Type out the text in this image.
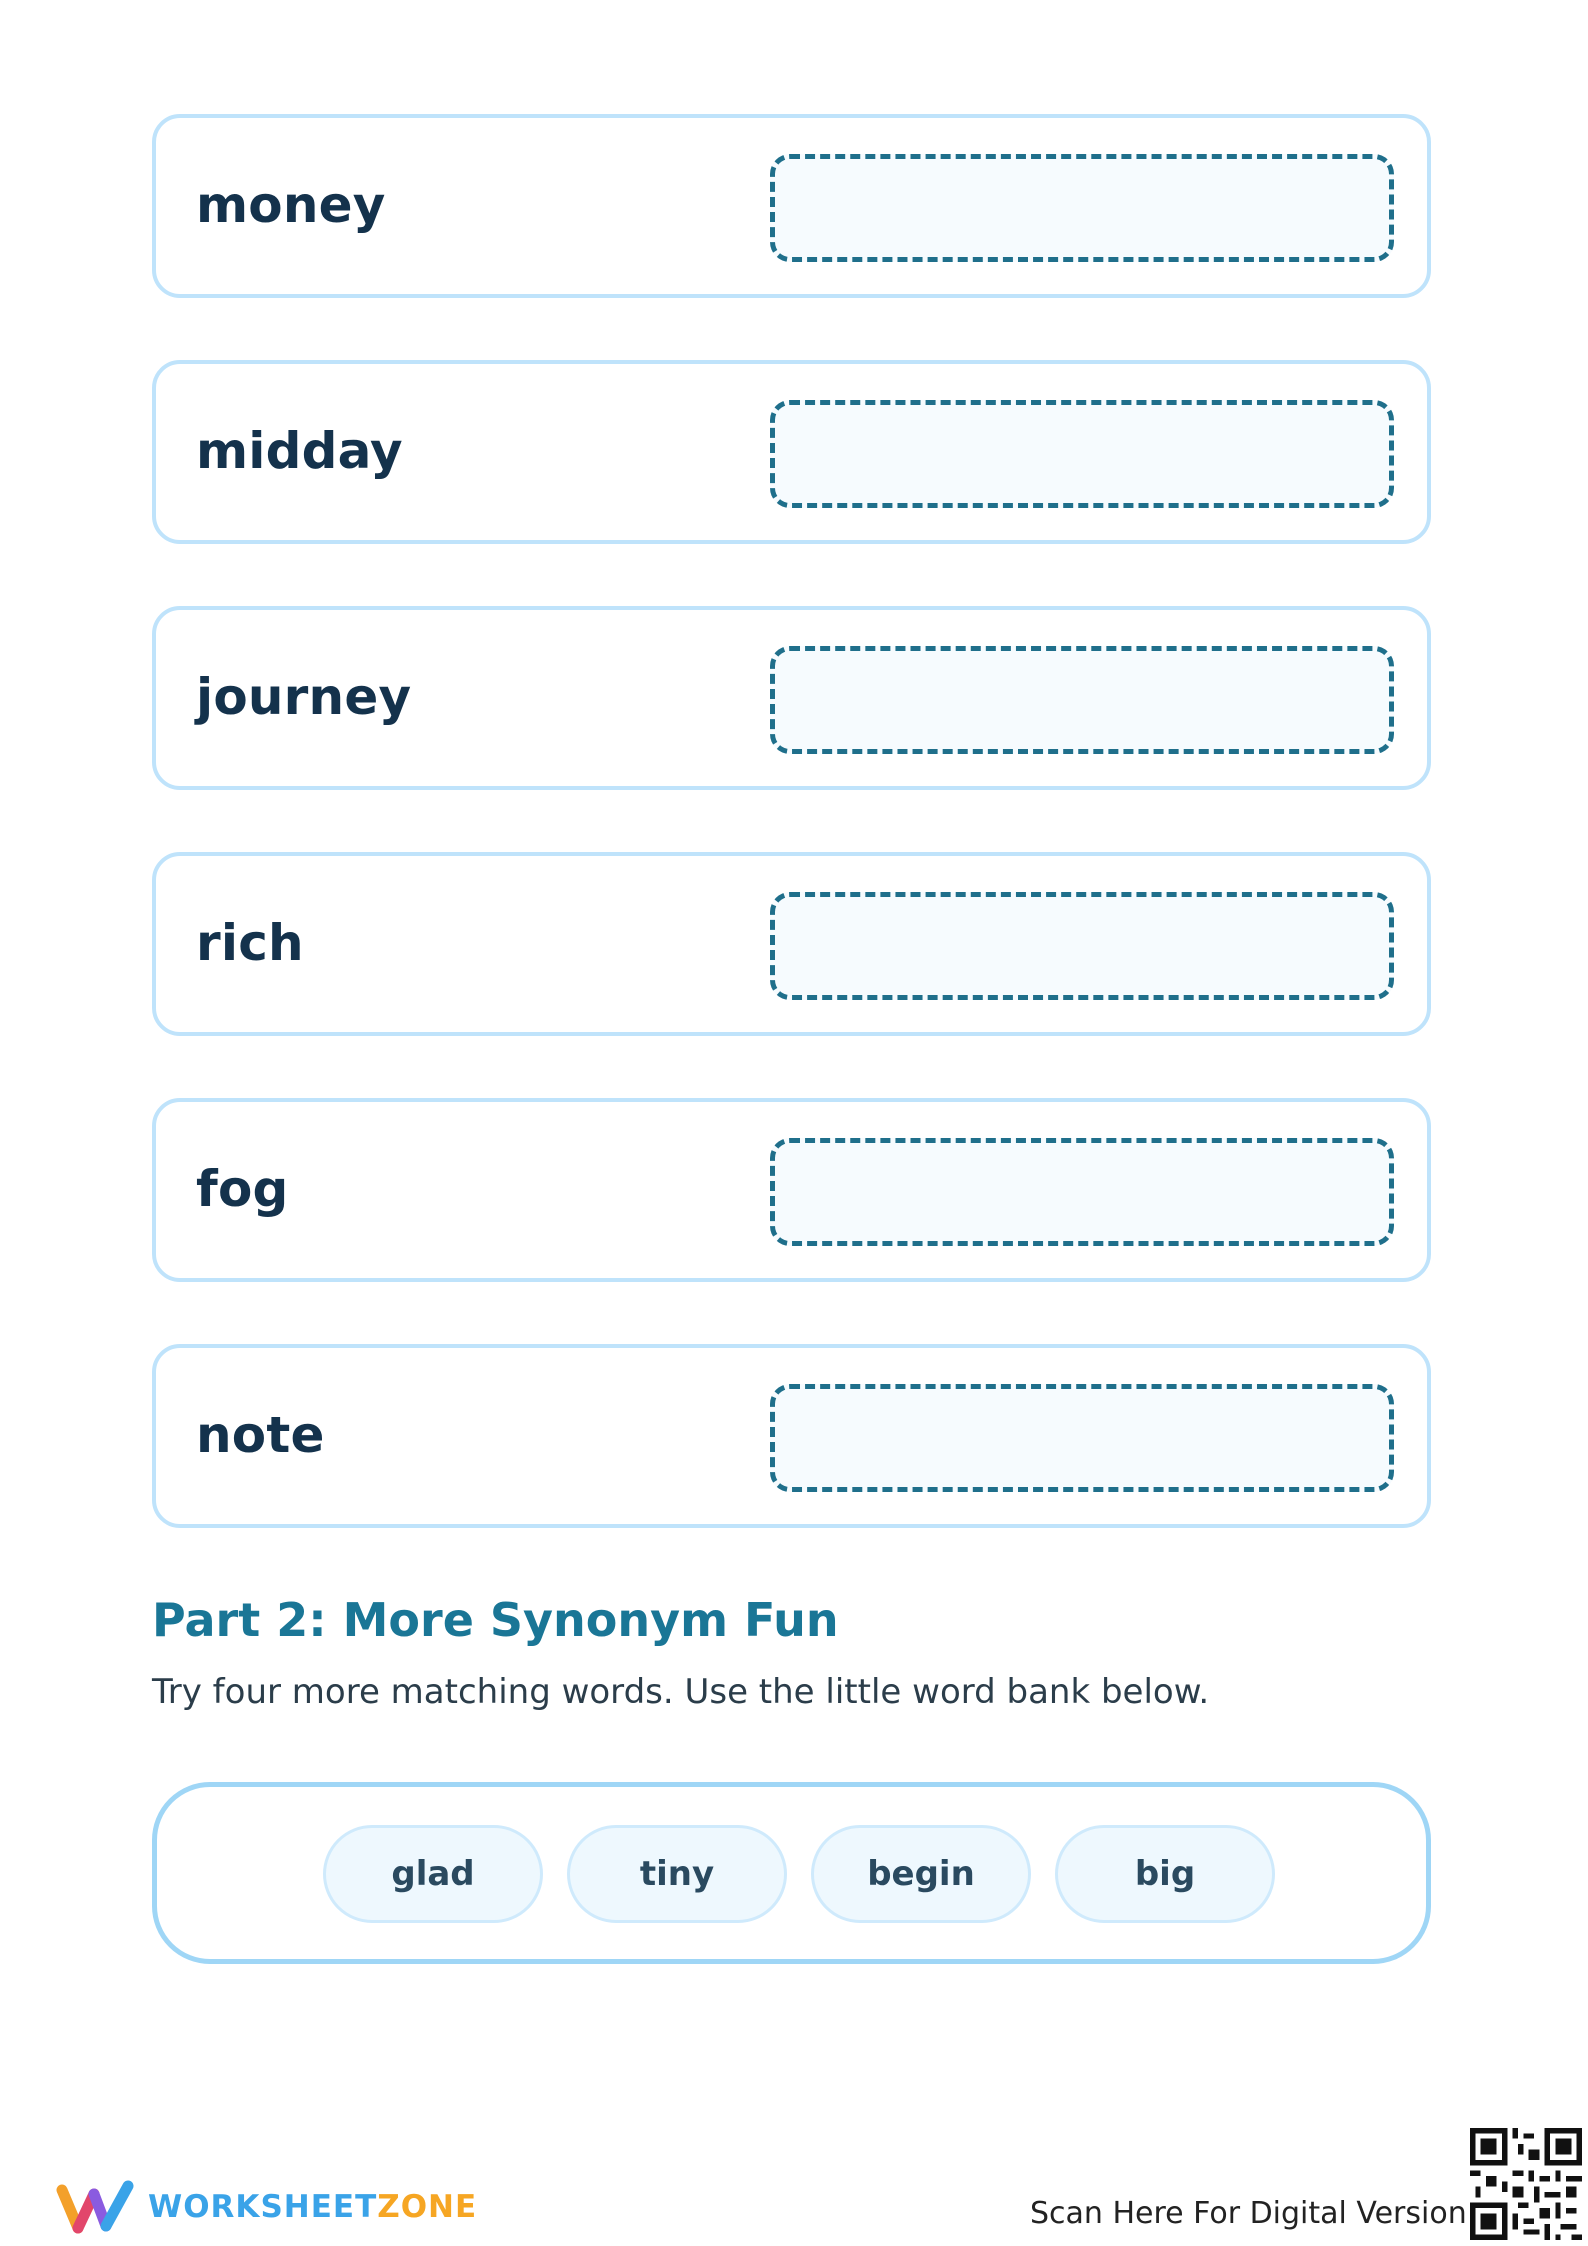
money
midday
journey
rich
fog
note
Part 2: More Synonym Fun

Try four more matching words. Use the little word bank below.

glad	tiny	begin	big
WORKSHEETZONE	Scan Here For Digital Version
